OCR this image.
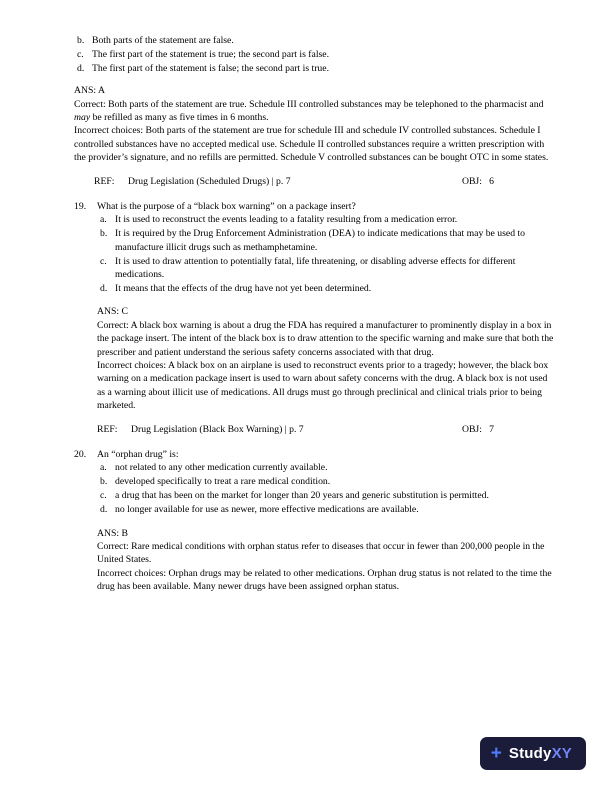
b. Both parts of the statement are false.
c. The first part of the statement is true; the second part is false.
d. The first part of the statement is false; the second part is true.

ANS: A

Correct: Both parts of the statement are true. Schedule III controlled substances may be telephoned to the pharmacist and may be refilled as many as five times in 6 months.

Incorrect choices: Both parts of the statement are true for schedule III and schedule IV controlled substances. Schedule I controlled substances have no accepted medical use. Schedule II controlled substances require a written prescription with the provider’s signature, and no refills are permitted. Schedule V controlled substances can be bought OTC in some states.

REF:	Drug Legislation (Scheduled Drugs) | p. 7	OBJ:   6
19.	What is the purpose of a “black box warning” on a package insert?

a. It is used to reconstruct the events leading to a fatality resulting from a medication error.
b. It is required by the Drug Enforcement Administration (DEA) to indicate medications that may be used to manufacture illicit drugs such as methamphetamine.
c. It is used to draw attention to potentially fatal, life threatening, or disabling adverse effects for different medications.
d. It means that the effects of the drug have not yet been determined.

ANS: C

Correct: A black box warning is about a drug the FDA has required a manufacturer to prominently display in a box in the package insert. The intent of the black box is to draw attention to the specific warning and make sure that both the prescriber and patient understand the serious safety concerns associated with that drug.

Incorrect choices: A black box on an airplane is used to reconstruct events prior to a tragedy; however, the black box warning on a medication package insert is used to warn about safety concerns with the drug. A black box is not used as a warning about illicit use of medications. All drugs must go through preclinical and clinical trials prior to being marketed.

REF:	Drug Legislation (Black Box Warning) | p. 7	OBJ:   7
20.	An “orphan drug” is:

a. not related to any other medication currently available.
b. developed specifically to treat a rare medical condition.
c. a drug that has been on the market for longer than 20 years and generic substitution is permitted.
d. no longer available for use as newer, more effective medications are available.

ANS: B

Correct: Rare medical conditions with orphan status refer to diseases that occur in fewer than 200,000 people in the United States.

Incorrect choices: Orphan drugs may be related to other medications. Orphan drug status is not related to the time the drug has been available. Many newer drugs have been assigned orphan status.

+ StudyXY
